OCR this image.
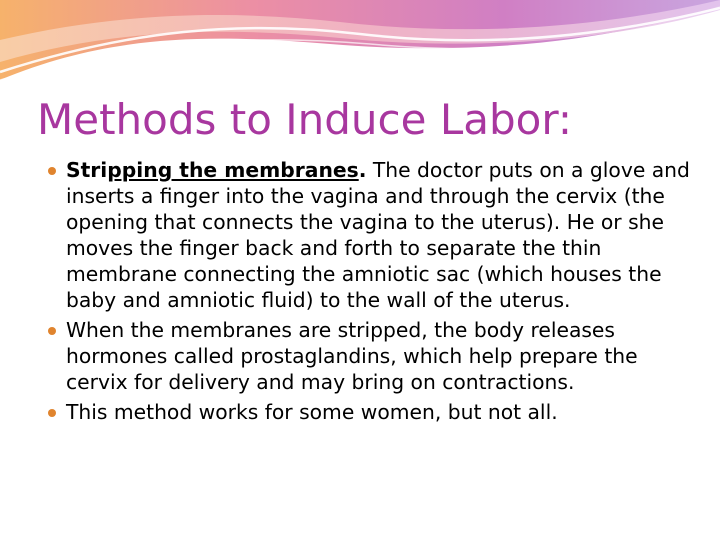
Methods to Induce Labor:
Stripping the membranes. The doctor puts on a glove and inserts a finger into the vagina and through the cervix (the opening that connects the vagina to the uterus). He or she moves the finger back and forth to separate the thin membrane connecting the amniotic sac (which houses the baby and amniotic fluid) to the wall of the uterus.
When the membranes are stripped, the body releases hormones called prostaglandins, which help prepare the cervix for delivery and may bring on contractions.
This method works for some women, but not all.
